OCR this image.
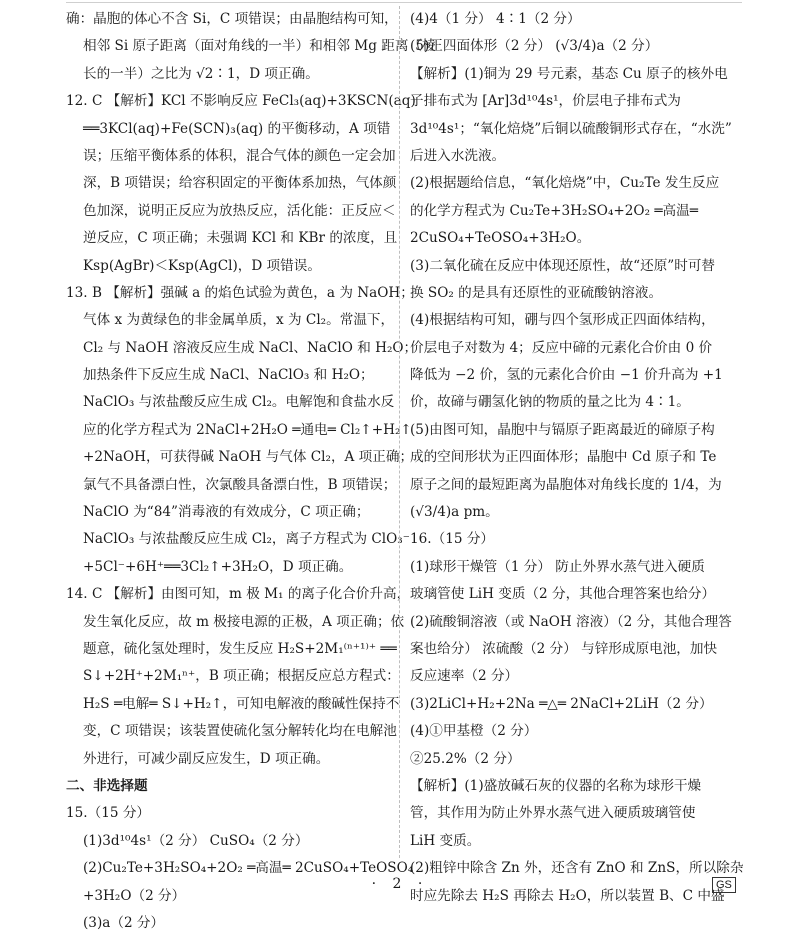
确：晶胞的体心不含 Si，C 项错误；由晶胞结构可知，
相邻 Si 原子距离（面对角线的一半）和相邻 Mg 距离（棱
长的一半）之比为 √2∶1，D 项正确。
12. C 【解析】KCl 不影响反应 FeCl₃(aq)+3KSCN(aq)
══3KCl(aq)+Fe(SCN)₃(aq) 的平衡移动，A 项错
误；压缩平衡体系的体积，混合气体的颜色一定会加
深，B 项错误；给容积固定的平衡体系加热，气体颜
色加深，说明正反应为放热反应，活化能：正反应＜
逆反应，C 项正确；未强调 KCl 和 KBr 的浓度，且
Ksp(AgBr)＜Ksp(AgCl)，D 项错误。
13. B 【解析】强碱 a 的焰色试验为黄色，a 为 NaOH；
气体 x 为黄绿色的非金属单质，x 为 Cl₂。常温下，
Cl₂ 与 NaOH 溶液反应生成 NaCl、NaClO 和 H₂O；
加热条件下反应生成 NaCl、NaClO₃ 和 H₂O；
NaClO₃ 与浓盐酸反应生成 Cl₂。电解饱和食盐水反
应的化学方程式为 2NaCl+2H₂O ═通电═ Cl₂↑+H₂↑
+2NaOH，可获得碱 NaOH 与气体 Cl₂，A 项正确；
氯气不具备漂白性，次氯酸具备漂白性，B 项错误；
NaClO 为“84”消毒液的有效成分，C 项正确；
NaClO₃ 与浓盐酸反应生成 Cl₂，离子方程式为 ClO₃⁻
+5Cl⁻+6H⁺══3Cl₂↑+3H₂O，D 项正确。
14. C 【解析】由图可知，m 极 M₁ 的离子化合价升高，
发生氧化反应，故 m 极接电源的正极，A 项正确；依
题意，硫化氢处理时，发生反应 H₂S+2M₁⁽ⁿ⁺¹⁾⁺ ══
S↓+2H⁺+2M₁ⁿ⁺，B 项正确；根据反应总方程式：
H₂S ═电解═ S↓+H₂↑，可知电解液的酸碱性保持不
变，C 项错误；该装置使硫化氢分解转化均在电解池
外进行，可减少副反应发生，D 项正确。
二、非选择题
15.（15 分）
(1)3d¹⁰4s¹（2 分） CuSO₄（2 分）
(2)Cu₂Te+3H₂SO₄+2O₂ ═高温═ 2CuSO₄+TeOSO₄
+3H₂O（2 分）
(3)a（2 分）
(4)4（1 分） 4∶1（2 分）
(5)正四面体形（2 分） (√3/4)a（2 分）
【解析】(1)铜为 29 号元素，基态 Cu 原子的核外电
子排布式为 [Ar]3d¹⁰4s¹，价层电子排布式为
3d¹⁰4s¹；“氧化焙烧”后铜以硫酸铜形式存在，“水洗”
后进入水洗液。
(2)根据题给信息，“氧化焙烧”中，Cu₂Te 发生反应
的化学方程式为 Cu₂Te+3H₂SO₄+2O₂ ═高温═
2CuSO₄+TeOSO₄+3H₂O。
(3)二氧化硫在反应中体现还原性，故“还原”时可替
换 SO₂ 的是具有还原性的亚硫酸钠溶液。
(4)根据结构可知，硼与四个氢形成正四面体结构，
价层电子对数为 4；反应中碲的元素化合价由 0 价
降低为 −2 价，氢的元素化合价由 −1 价升高为 +1
价，故碲与硼氢化钠的物质的量之比为 4∶1。
(5)由图可知，晶胞中与镉原子距离最近的碲原子构
成的空间形状为正四面体形；晶胞中 Cd 原子和 Te
原子之间的最短距离为晶胞体对角线长度的 1/4，为
(√3/4)a pm。
16.（15 分）
(1)球形干燥管（1 分） 防止外界水蒸气进入硬质
玻璃管使 LiH 变质（2 分，其他合理答案也给分）
(2)硫酸铜溶液（或 NaOH 溶液）（2 分，其他合理答
案也给分） 浓硫酸（2 分） 与锌形成原电池，加快
反应速率（2 分）
(3)2LiCl+H₂+2Na ═△═ 2NaCl+2LiH（2 分）
(4)①甲基橙（2 分）
②25.2%（2 分）
【解析】(1)盛放碱石灰的仪器的名称为球形干燥
管，其作用为防止外界水蒸气进入硬质玻璃管使
LiH 变质。
(2)粗锌中除含 Zn 外，还含有 ZnO 和 ZnS，所以除杂
时应先除去 H₂S 再除去 H₂O，所以装置 B、C 中盛
· 2 ·	GS
